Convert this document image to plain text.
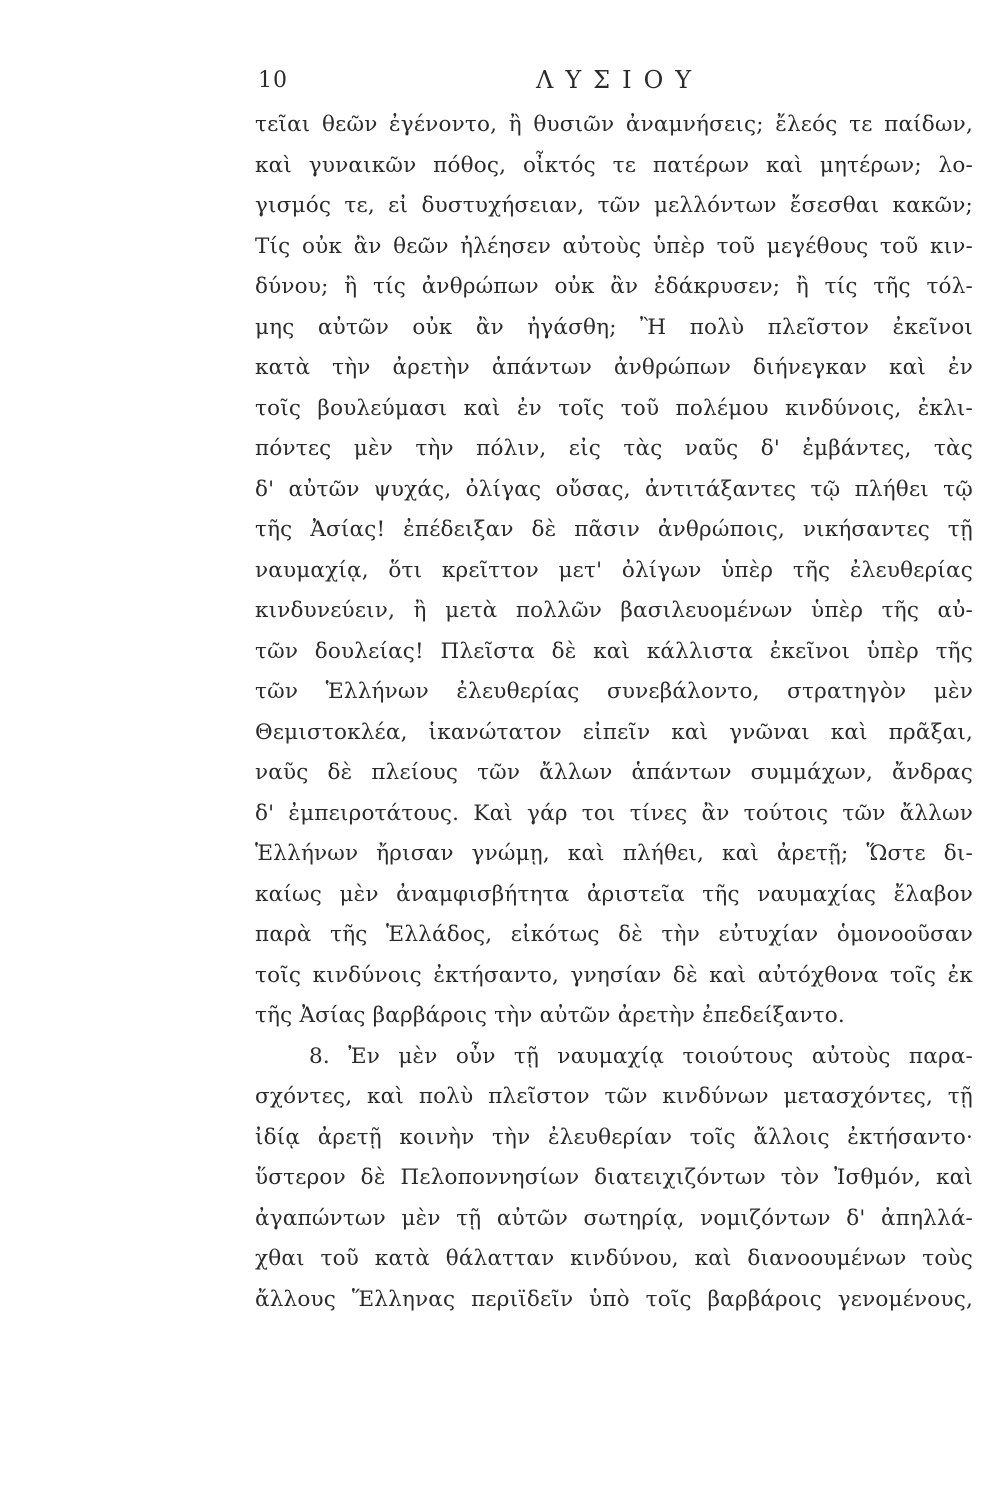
10	ΛΥΣΙΟΥ
τεῖαι θεῶν ἐγένοντο, ἢ θυσιῶν ἀναμνήσεις; ἔλεός τε παίδων,
καὶ γυναικῶν πόθος, οἶκτός τε πατέρων καὶ μητέρων; λο-
γισμός τε, εἰ δυστυχήσειαν, τῶν μελλόντων ἔσεσθαι κακῶν;
Τίς οὐκ ἂν θεῶν ἠλέησεν αὐτοὺς ὑπὲρ τοῦ μεγέθους τοῦ κιν-
δύνου; ἢ τίς ἀνθρώπων οὐκ ἂν ἐδάκρυσεν; ἢ τίς τῆς τόλ-
μης αὐτῶν οὐκ ἂν ἠγάσθη; Ἢ πολὺ πλεῖστον ἐκεῖνοι
κατὰ τὴν ἀρετὴν ἁπάντων ἀνθρώπων διήνεγκαν καὶ ἐν
τοῖς βουλεύμασι καὶ ἐν τοῖς τοῦ πολέμου κινδύνοις, ἐκλι-
πόντες μὲν τὴν πόλιν, εἰς τὰς ναῦς δ' ἐμβάντες, τὰς
δ' αὐτῶν ψυχάς, ὀλίγας οὔσας, ἀντιτάξαντες τῷ πλήθει τῷ
τῆς Ἀσίας! ἐπέδειξαν δὲ πᾶσιν ἀνθρώποις, νικήσαντες τῇ
ναυμαχίᾳ, ὅτι κρεῖττον μετ' ὀλίγων ὑπὲρ τῆς ἐλευθερίας
κινδυνεύειν, ἢ μετὰ πολλῶν βασιλευομένων ὑπὲρ τῆς αὐ-
τῶν δουλείας! Πλεῖστα δὲ καὶ κάλλιστα ἐκεῖνοι ὑπὲρ τῆς
τῶν Ἑλλήνων ἐλευθερίας συνεβάλοντο, στρατηγὸν μὲν
Θεμιστοκλέα, ἱκανώτατον εἰπεῖν καὶ γνῶναι καὶ πρᾶξαι,
ναῦς δὲ πλείους τῶν ἄλλων ἁπάντων συμμάχων, ἄνδρας
δ' ἐμπειροτάτους. Καὶ γάρ τοι τίνες ἂν τούτοις τῶν ἄλλων
Ἑλλήνων ἤρισαν γνώμῃ, καὶ πλήθει, καὶ ἀρετῇ; Ὥστε δι-
καίως μὲν ἀναμφισβήτητα ἀριστεῖα τῆς ναυμαχίας ἔλαβον
παρὰ τῆς Ἑλλάδος, εἰκότως δὲ τὴν εὐτυχίαν ὁμονοοῦσαν
τοῖς κινδύνοις ἐκτήσαντο, γνησίαν δὲ καὶ αὐτόχθονα τοῖς ἐκ
τῆς Ἀσίας βαρβάροις τὴν αὐτῶν ἀρετὴν ἐπεδείξαντο.
8. Ἐν μὲν οὖν τῇ ναυμαχίᾳ τοιούτους αὐτοὺς παρα-
σχόντες, καὶ πολὺ πλεῖστον τῶν κινδύνων μετασχόντες, τῇ
ἰδίᾳ ἀρετῇ κοινὴν τὴν ἐλευθερίαν τοῖς ἄλλοις ἐκτήσαντο·
ὕστερον δὲ Πελοποννησίων διατειχιζόντων τὸν Ἰσθμόν, καὶ
ἀγαπώντων μὲν τῇ αὐτῶν σωτηρίᾳ, νομιζόντων δ' ἀπηλλά-
χθαι τοῦ κατὰ θάλατταν κινδύνου, καὶ διανοουμένων τοὺς
ἄλλους Ἕλληνας περιϊδεῖν ὑπὸ τοῖς βαρβάροις γενομένους,
